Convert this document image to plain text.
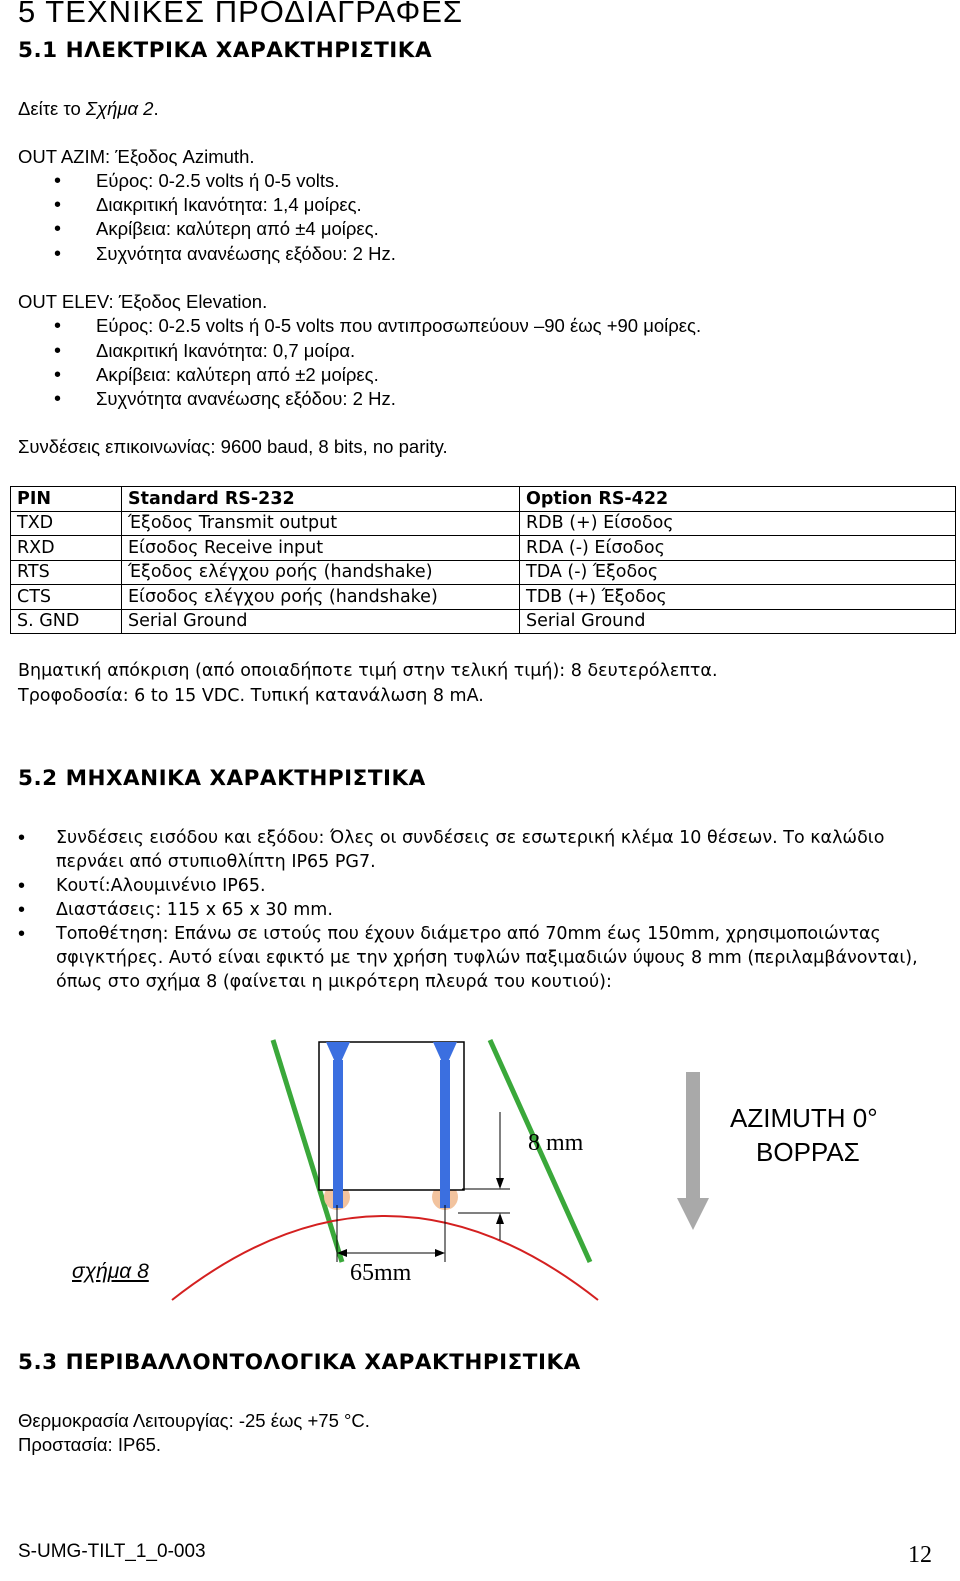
5 ΤΕΧΝΙΚΕΣ ΠΡΟΔΙΑΓΡΑΦΕΣ
5.1 ΗΛΕΚΤΡΙΚΑ ΧΑΡΑΚΤΗΡΙΣΤΙΚΑ
Δείτε το Σχήμα 2.
OUT AZIM: Έξοδος Azimuth.
• Εύρος: 0-2.5 volts ή 0-5 volts.
• Διακριτική Ικανότητα: 1,4 μοίρες.
• Ακρίβεια: καλύτερη από ±4 μοίρες.
• Συχνότητα ανανέωσης εξόδου: 2 Hz.
OUT ELEV: Έξοδος Elevation.
• Εύρος: 0-2.5 volts ή 0-5 volts που αντιπροσωπεύουν –90 έως +90 μοίρες.
• Διακριτική Ικανότητα: 0,7 μοίρα.
• Ακρίβεια: καλύτερη από ±2 μοίρες.
• Συχνότητα ανανέωσης εξόδου: 2 Hz.
Συνδέσεις επικοινωνίας: 9600 baud, 8 bits, no parity.
PIN	Standard RS-232	Option RS-422
TXD	Έξοδος Transmit output	RDB (+) Είσοδος
RXD	Είσοδος Receive input	RDA (-) Είσοδος
RTS	Έξοδος ελέγχου ροής (handshake)	TDA (-) Έξοδος
CTS	Είσοδος ελέγχου ροής (handshake)	TDB (+) Έξοδος
S. GND	Serial Ground	Serial Ground
Βηματική απόκριση (από οποιαδήποτε τιμή στην τελική τιμή): 8 δευτερόλεπτα.
Τροφοδοσία: 6 to 15 VDC. Τυπική κατανάλωση 8 mA.
5.2 ΜΗΧΑΝΙΚΑ ΧΑΡΑΚΤΗΡΙΣΤΙΚΑ
• Συνδέσεις εισόδου και εξόδου: Όλες οι συνδέσεις σε εσωτερική κλέμα 10 θέσεων. Το καλώδιο
περνάει από στυπιοθλίπτη IP65 PG7.
• Κουτί:Αλουμινένιο IP65.
• Διαστάσεις: 115 x 65 x 30 mm.
• Τοποθέτηση: Επάνω σε ιστούς που έχουν διάμετρο από 70mm έως 150mm, χρησιμοποιώντας
σφιγκτήρες. Αυτό είναι εφικτό με την χρήση τυφλών παξιμαδιών ύψους 8 mm (περιλαμβάνονται),
όπως στο σχήμα 8 (φαίνεται η μικρότερη πλευρά του κουτιού):
8 mm
65mm
AZIMUTH 0°
ΒΟΡΡΑΣ
σχήμα 8
5.3 ΠΕΡΙΒΑΛΛΟΝΤΟΛΟΓΙΚΑ ΧΑΡΑΚΤΗΡΙΣΤΙΚΑ
Θερμοκρασία Λειτουργίας: -25 έως +75 °C.
Προστασία: IP65.
S-UMG-TILT_1_0-003	12
